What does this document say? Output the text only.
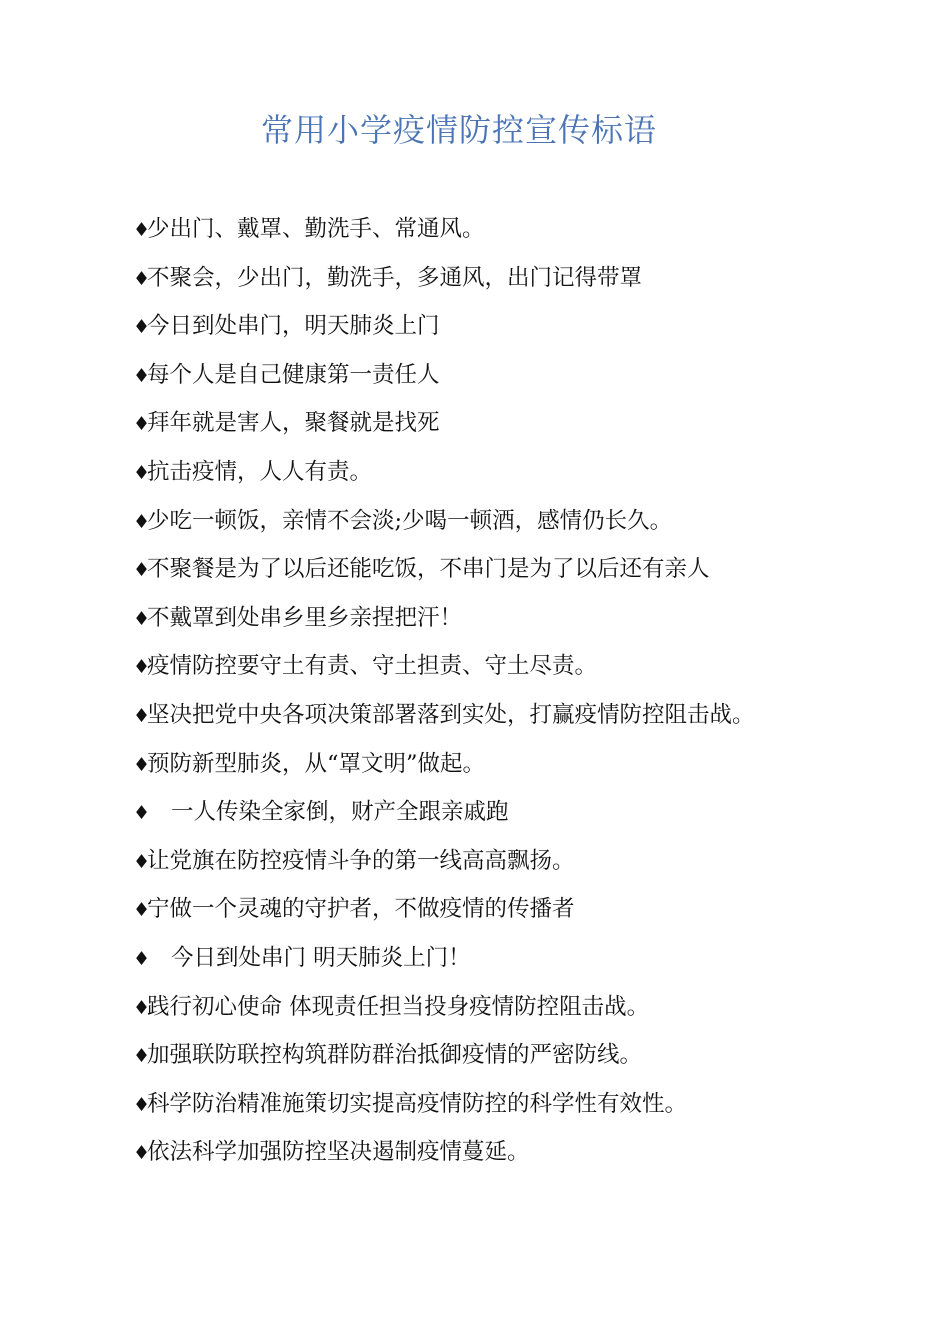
常用小学疫情防控宣传标语
♦少出门、戴罩、勤洗手、常通风。
♦不聚会，少出门，勤洗手，多通风，出门记得带罩
♦今日到处串门，明天肺炎上门
♦每个人是自己健康第一责任人
♦拜年就是害人，聚餐就是找死
♦抗击疫情，人人有责。
♦少吃一顿饭，亲情不会淡;少喝一顿酒，感情仍长久。
♦不聚餐是为了以后还能吃饭，不串门是为了以后还有亲人
♦不戴罩到处串乡里乡亲捏把汗！
♦疫情防控要守土有责、守土担责、守土尽责。
♦坚决把党中央各项决策部署落到实处，打赢疫情防控阻击战。
♦预防新型肺炎，从“罩文明”做起。
♦ 一人传染全家倒，财产全跟亲戚跑
♦让党旗在防控疫情斗争的第一线高高飘扬。
♦宁做一个灵魂的守护者，不做疫情的传播者
♦ 今日到处串门 明天肺炎上门！
♦践行初心使命 体现责任担当投身疫情防控阻击战。
♦加强联防联控构筑群防群治抵御疫情的严密防线。
♦科学防治精准施策切实提高疫情防控的科学性有效性。
♦依法科学加强防控坚决遏制疫情蔓延。
